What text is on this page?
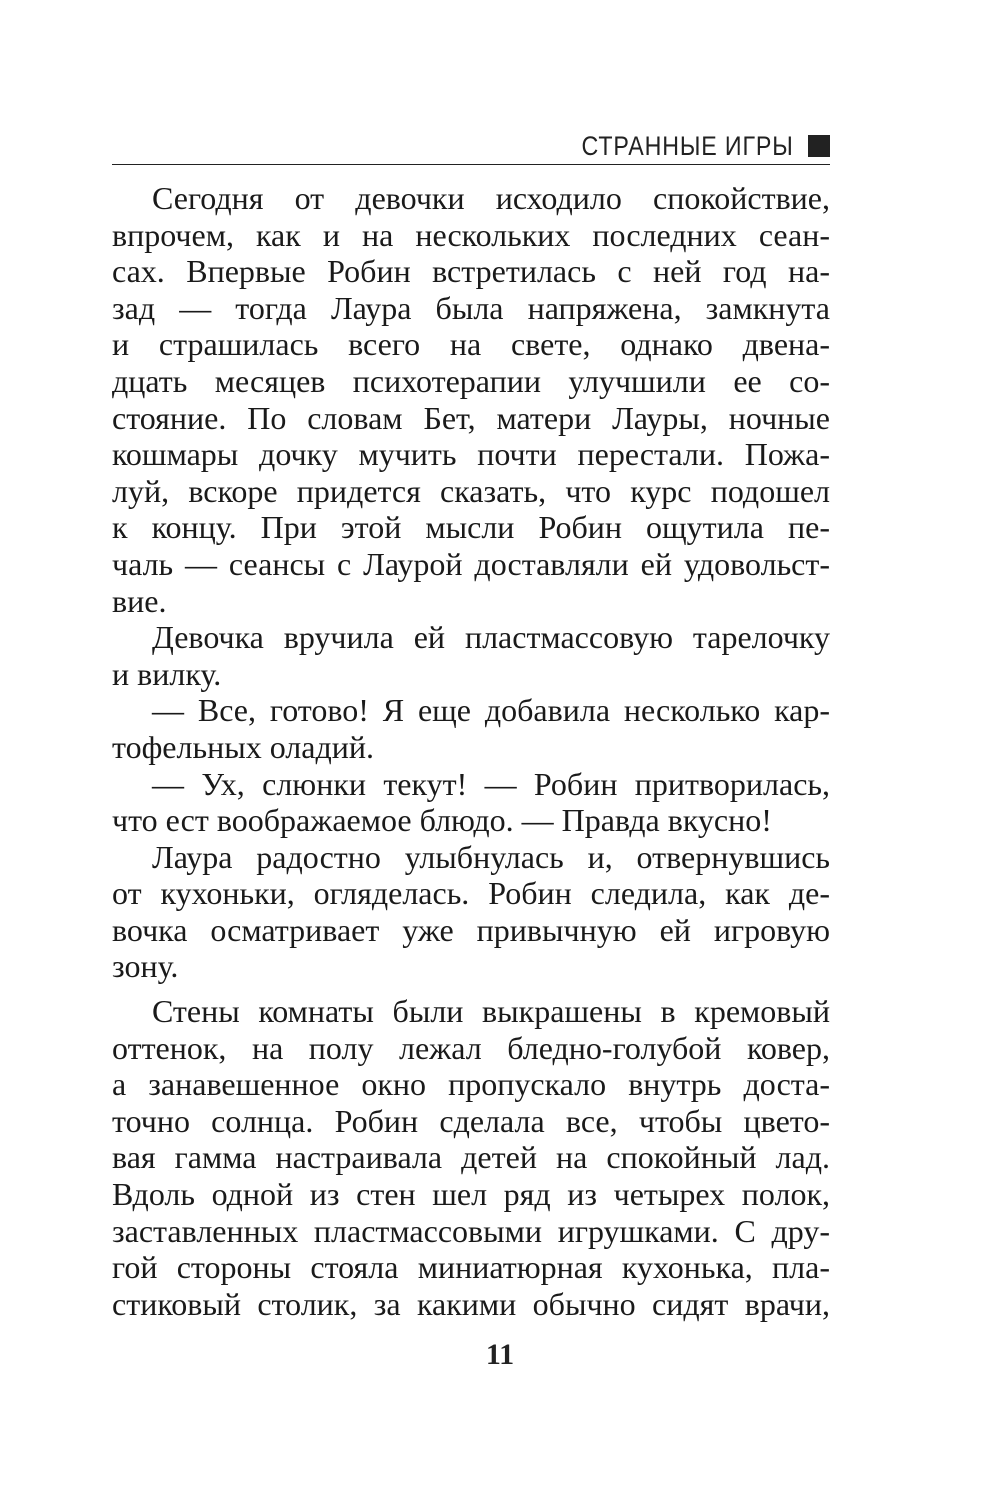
СТРАННЫЕ ИГРЫ
Сегодня от девочки исходило спокойствие,
впрочем, как и на нескольких последних сеан-
сах. Впервые Робин встретилась с ней год на-
зад — тогда Лаура была напряжена, замкнута
и страшилась всего на свете, однако двена-
дцать месяцев психотерапии улучшили ее со-
стояние. По словам Бет, матери Лауры, ночные
кошмары дочку мучить почти перестали. Пожа-
луй, вскоре придется сказать, что курс подошел
к концу. При этой мысли Робин ощутила пе-
чаль — сеансы с Лаурой доставляли ей удовольст-
вие.
Девочка вручила ей пластмассовую тарелочку
и вилку.
— Все, готово! Я еще добавила несколько кар-
тофельных оладий.
— Ух, слюнки текут! — Робин притворилась,
что ест воображаемое блюдо. — Правда вкусно!
Лаура радостно улыбнулась и, отвернувшись
от кухоньки, огляделась. Робин следила, как де-
вочка осматривает уже привычную ей игровую
зону.
Стены комнаты были выкрашены в кремовый
оттенок, на полу лежал бледно-голубой ковер,
а занавешенное окно пропускало внутрь доста-
точно солнца. Робин сделала все, чтобы цвето-
вая гамма настраивала детей на спокойный лад.
Вдоль одной из стен шел ряд из четырех полок,
заставленных пластмассовыми игрушками. С дру-
гой стороны стояла миниатюрная кухонька, пла-
стиковый столик, за какими обычно сидят врачи,
11
